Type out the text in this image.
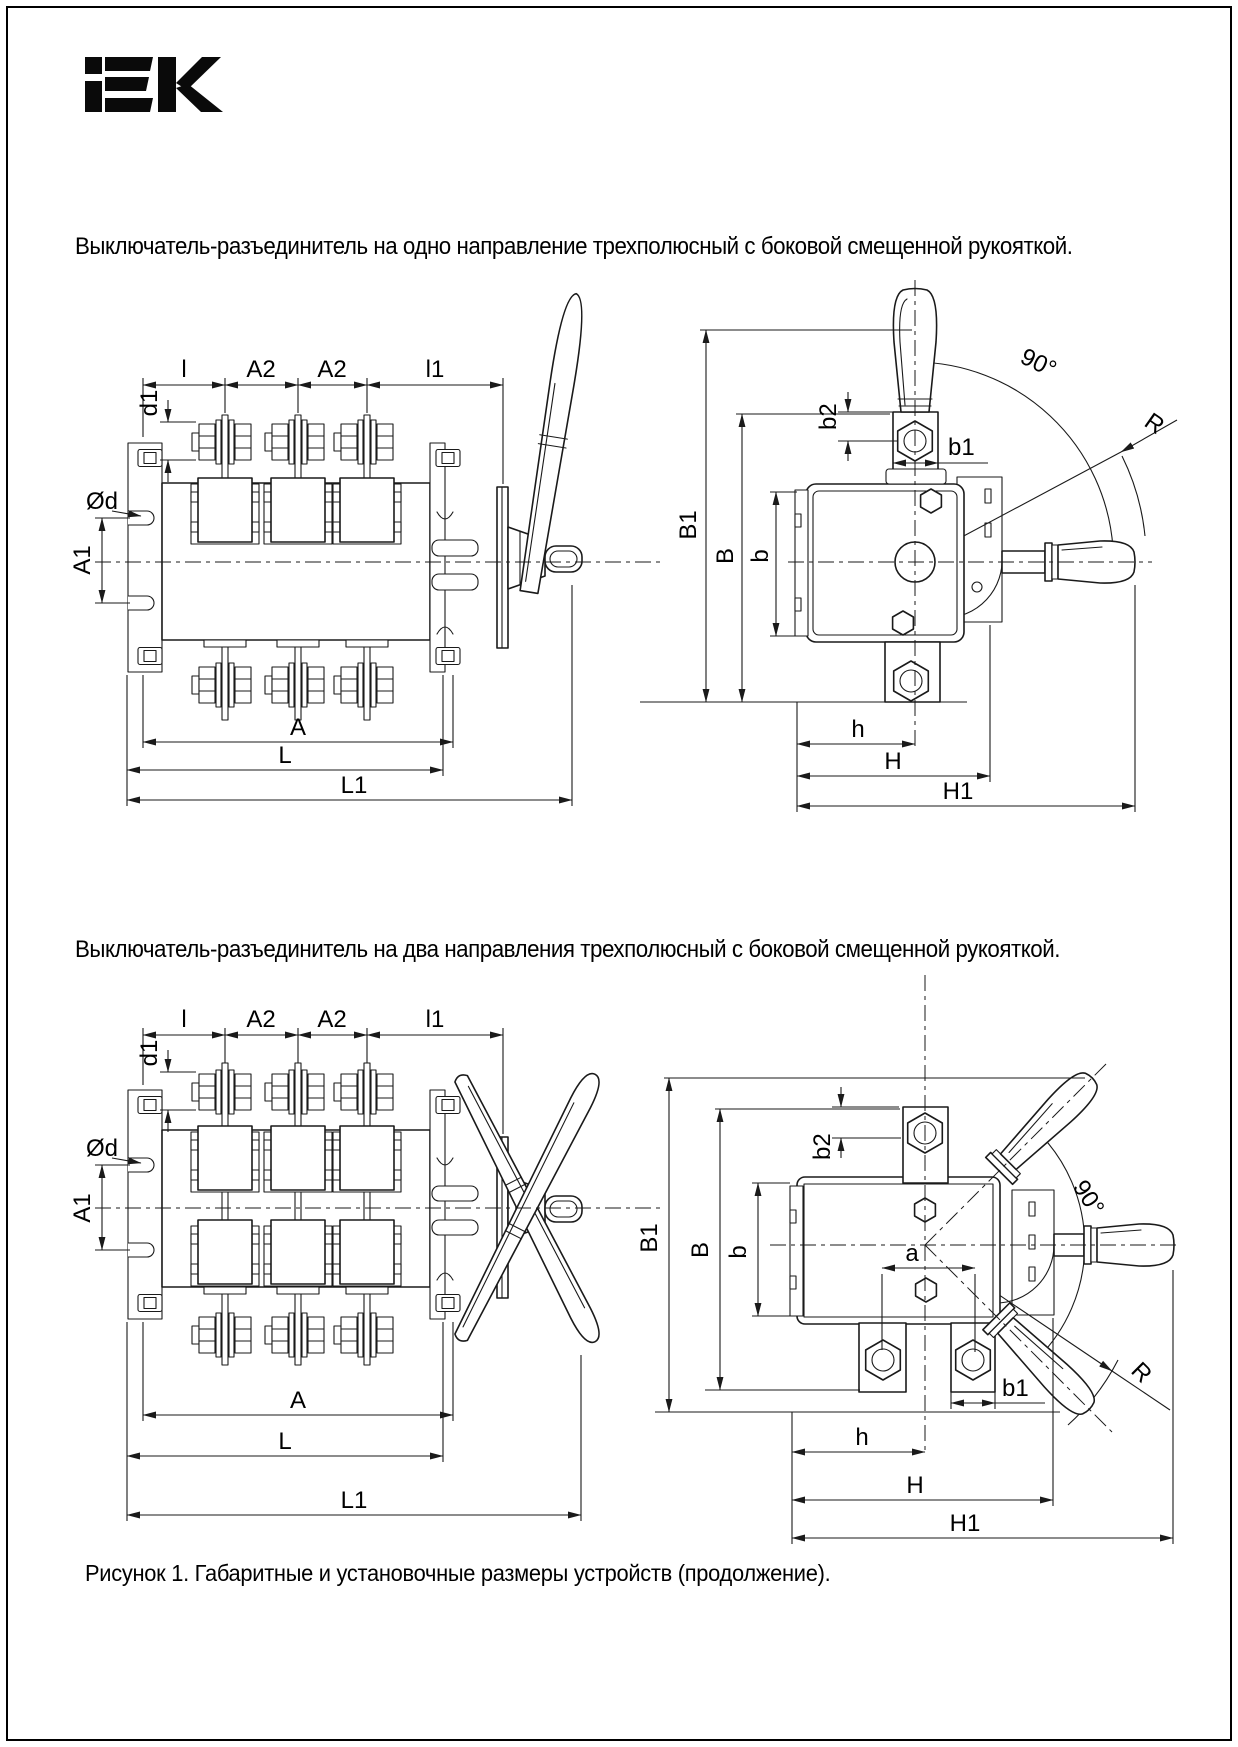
Выключатель-разъединитель на одно направление трехполюсный с боковой смещенной рукояткой.
l A2 A2	l1
d1
Ød
A1
A
L
L1
R
90°
B1
B b
b2
b1
h
H
H1
Выключатель-разъединитель на два направления трехполюсный с боковой смещенной рукояткой.
l A2 A2	l1
d1
Ød
A1
A
L
L1
R
90°
B1 B b
b2
a
b1
h
H
H1
Рисунок 1. Габаритные и установочные размеры устройств (продолжение).
